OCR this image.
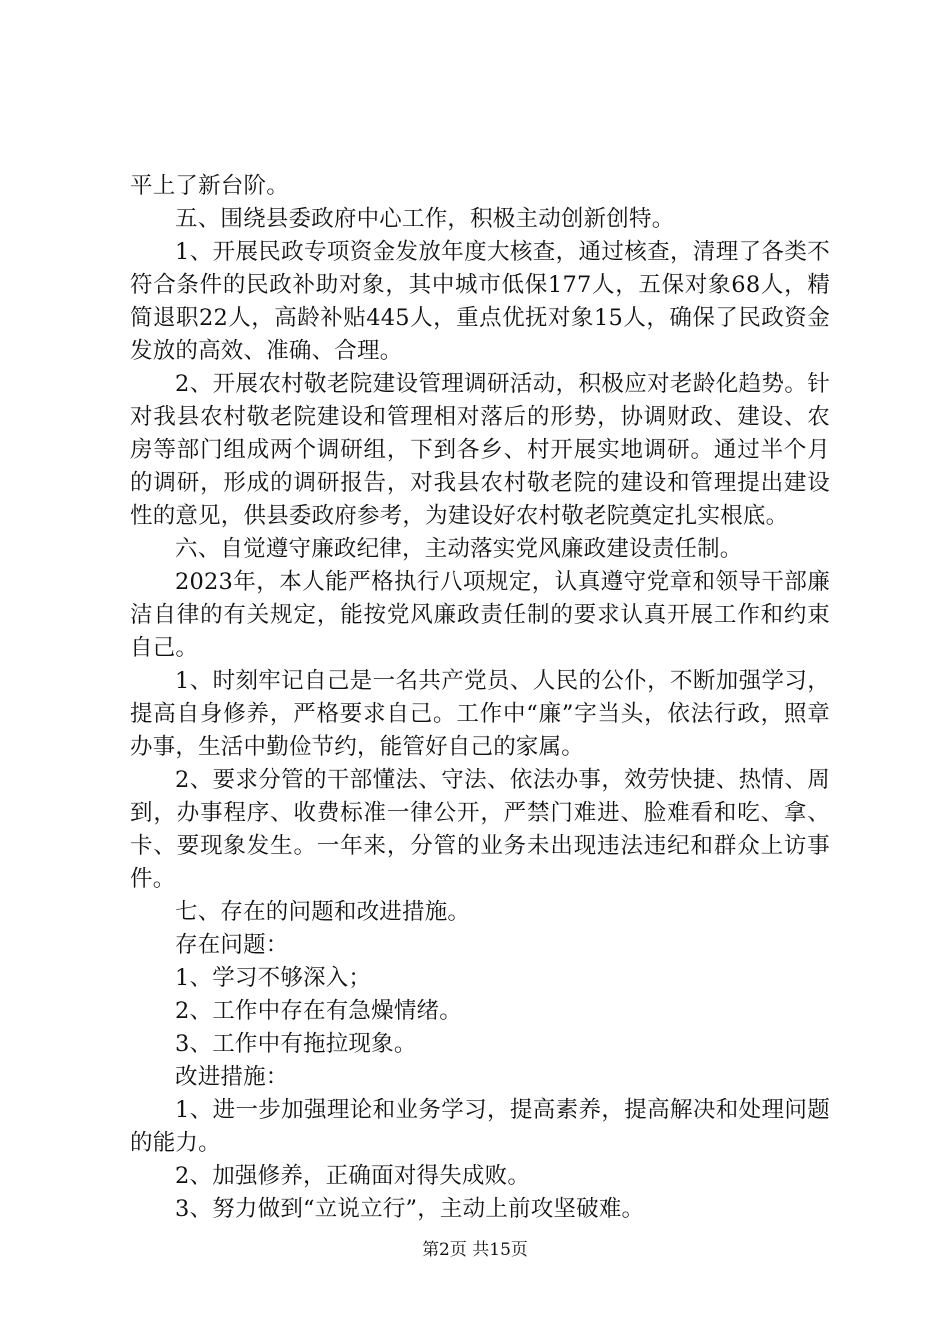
平上了新台阶。

五、围绕县委政府中心工作，积极主动创新创特。

1、开展民政专项资金发放年度大核查，通过核查，清理了各类不符合条件的民政补助对象，其中城市低保177人，五保对象68人，精简退职22人，高龄补贴445人，重点优抚对象15人，确保了民政资金发放的高效、准确、合理。

2、开展农村敬老院建设管理调研活动，积极应对老龄化趋势。针对我县农村敬老院建设和管理相对落后的形势，协调财政、建设、农房等部门组成两个调研组，下到各乡、村开展实地调研。通过半个月的调研，形成的调研报告，对我县农村敬老院的建设和管理提出建设性的意见，供县委政府参考，为建设好农村敬老院奠定扎实根底。

六、自觉遵守廉政纪律，主动落实党风廉政建设责任制。

2023年，本人能严格执行八项规定，认真遵守党章和领导干部廉洁自律的有关规定，能按党风廉政责任制的要求认真开展工作和约束自己。

1、时刻牢记自己是一名共产党员、人民的公仆，不断加强学习，提高自身修养，严格要求自己。工作中“廉”字当头，依法行政，照章办事，生活中勤俭节约，能管好自己的家属。

2、要求分管的干部懂法、守法、依法办事，效劳快捷、热情、周到，办事程序、收费标准一律公开，严禁门难进、脸难看和吃、拿、卡、要现象发生。一年来，分管的业务未出现违法违纪和群众上访事件。

七、存在的问题和改进措施。

存在问题：

1、学习不够深入；

2、工作中存在有急燥情绪。

3、工作中有拖拉现象。

改进措施：

1、进一步加强理论和业务学习，提高素养，提高解决和处理问题的能力。

2、加强修养，正确面对得失成败。

3、努力做到“立说立行”，主动上前攻坚破难。

第2页 共15页
